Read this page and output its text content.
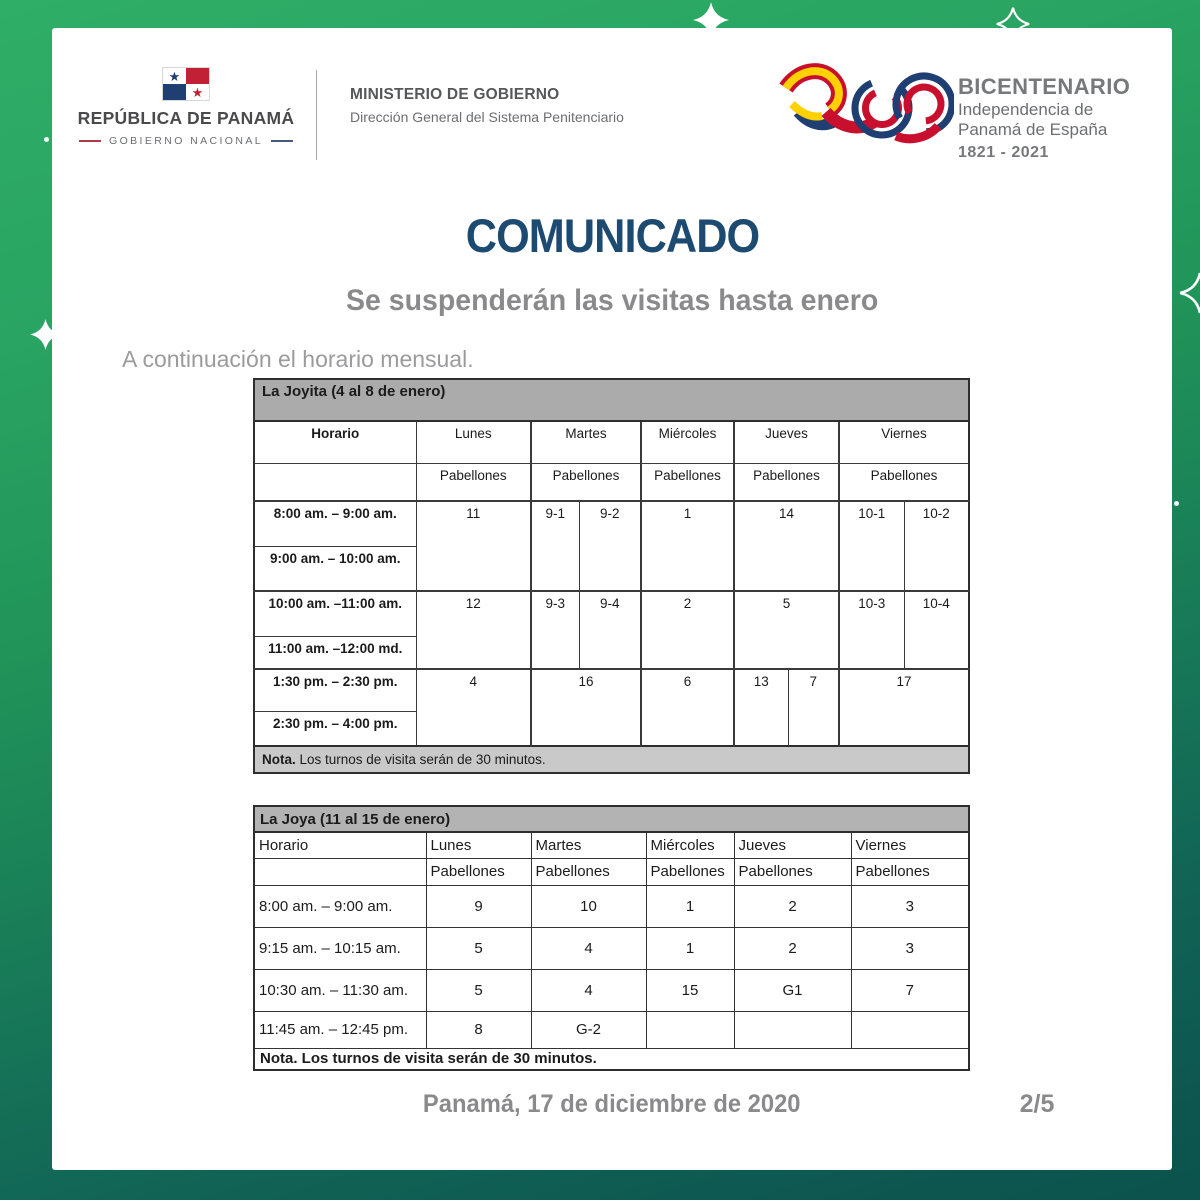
★
★
REPÚBLICA DE PANAMÁ
GOBIERNO NACIONAL
MINISTERIO DE GOBIERNO
Dirección General del Sistema Penitenciario
BICENTENARIO
Independencia de
Panamá de España
1821 - 2021
COMUNICADO
Se suspenderán las visitas hasta enero

A continuación el horario mensual.

La Joyita (4 al 8 de enero)								
Horario	Lunes	Martes		Miércoles	Jueves		Viernes	
	Pabellones	Pabellones		Pabellones	Pabellones		Pabellones	
8:00 am. – 9:00 am.	11	9-1	9-2	1	14		10-1	10-2
9:00 am. – 10:00 am.								
10:00 am. –11:00 am.	12	9-3	9-4	2	5		10-3	10-4
11:00 am. –12:00 md.								
1:30 pm. – 2:30 pm.	4	16		6	13	7	17	
2:30 pm. – 4:00 pm.								
Nota. Los turnos de visita serán de 30 minutos.								
La Joya (11 al 15 de enero)					
Horario	Lunes	Martes	Miércoles	Jueves	Viernes
	Pabellones	Pabellones	Pabellones	Pabellones	Pabellones
8:00 am. – 9:00 am.	9	10	1	2	3
9:15 am. – 10:15 am.	5	4	1	2	3
10:30 am. – 11:30 am.	5	4	15	G1	7
11:45 am. – 12:45 pm.	8	G-2			
Nota. Los turnos de visita serán de 30 minutos.					
Panamá, 17 de diciembre de 2020	2/5
